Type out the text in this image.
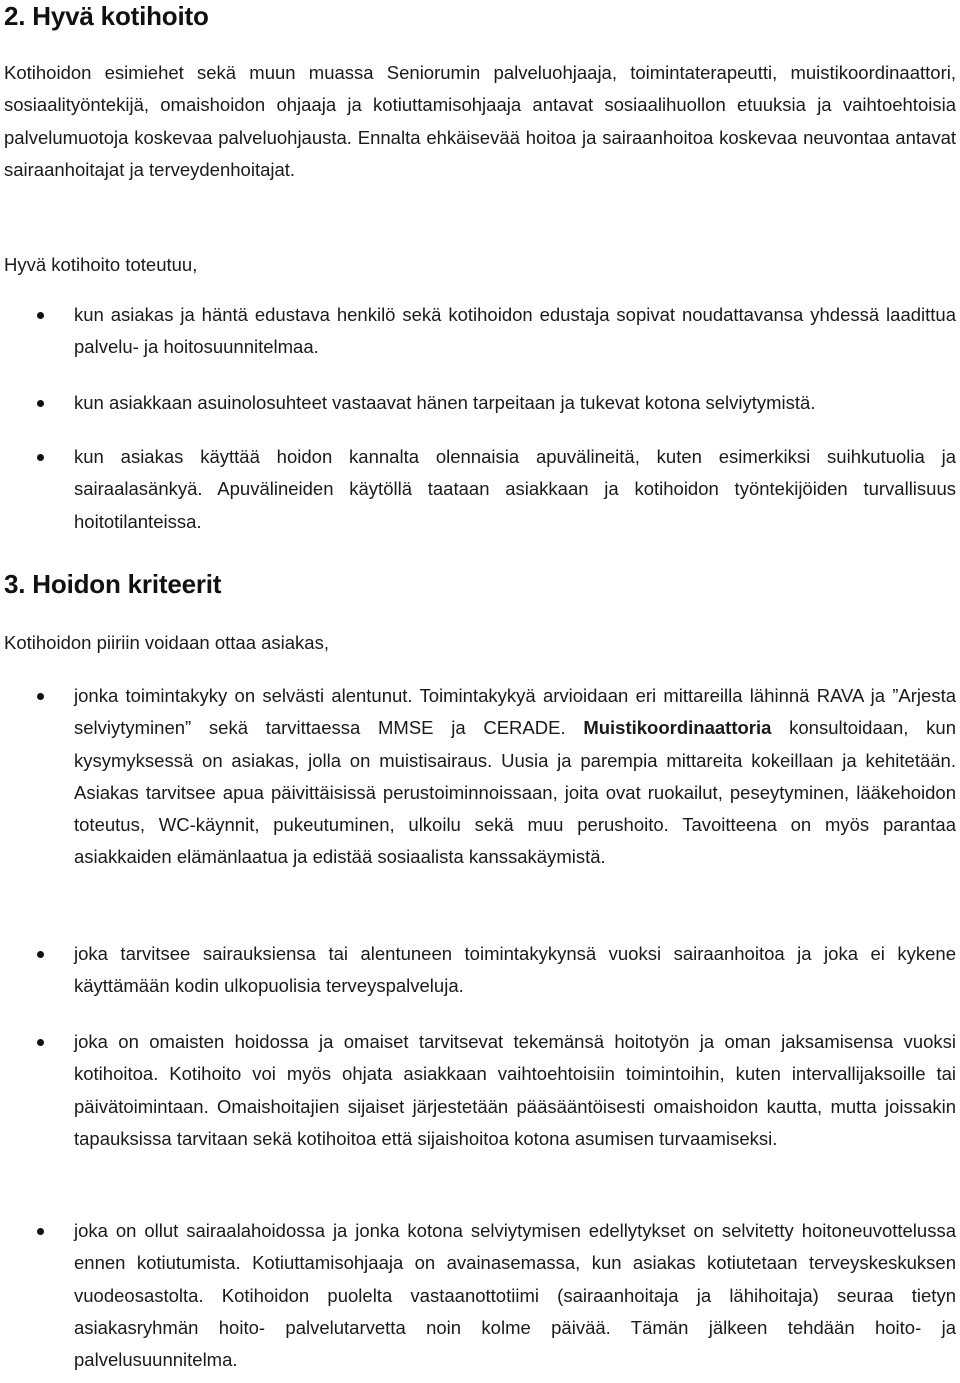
2. Hyvä kotihoito

Kotihoidon esimiehet sekä muun muassa Seniorumin palveluohjaaja, toimintaterapeutti, muistikoordinaattori, sosiaalityöntekijä, omaishoidon ohjaaja ja kotiuttamisohjaaja antavat sosiaalihuollon etuuksia ja vaihtoehtoisia palvelumuotoja koskevaa palveluohjausta. Ennalta ehkäisevää hoitoa ja sairaanhoitoa koskevaa neuvontaa antavat sairaanhoitajat ja terveydenhoitajat.

Hyvä kotihoito toteutuu,

kun asiakas ja häntä edustava henkilö sekä kotihoidon edustaja sopivat noudattavansa yhdessä laadittua palvelu- ja hoitosuunnitelmaa.
kun asiakkaan asuinolosuhteet vastaavat hänen tarpeitaan ja tukevat kotona selviytymistä.
kun asiakas käyttää hoidon kannalta olennaisia apuvälineitä, kuten esimerkiksi suihkutuolia ja sairaalasänkyä. Apuvälineiden käytöllä taataan asiakkaan ja kotihoidon työntekijöiden turvallisuus hoitotilanteissa.
3. Hoidon kriteerit

Kotihoidon piiriin voidaan ottaa asiakas,

jonka toimintakyky on selvästi alentunut. Toimintakykyä arvioidaan eri mittareilla lähinnä RAVA ja ”Arjesta selviytyminen” sekä tarvittaessa MMSE ja CERADE. Muistikoordinaattoria konsultoidaan, kun kysymyksessä on asiakas, jolla on muistisairaus. Uusia ja parempia mittareita kokeillaan ja kehitetään. Asiakas tarvitsee apua päivittäisissä perustoiminnoissaan, joita ovat ruokailut, peseytyminen, lääkehoidon toteutus, WC-käynnit, pukeutuminen, ulkoilu sekä muu perushoito. Tavoitteena on myös parantaa asiakkaiden elämänlaatua ja edistää sosiaalista kanssakäymistä.
joka tarvitsee sairauksiensa tai alentuneen toimintakykynsä vuoksi sairaanhoitoa ja joka ei kykene käyttämään kodin ulkopuolisia terveyspalveluja.
joka on omaisten hoidossa ja omaiset tarvitsevat tekemänsä hoitotyön ja oman jaksamisensa vuoksi kotihoitoa. Kotihoito voi myös ohjata asiakkaan vaihtoehtoisiin toimintoihin, kuten intervallijaksoille tai päivätoimintaan. Omaishoitajien sijaiset järjestetään pääsääntöisesti omaishoidon kautta, mutta joissakin tapauksissa tarvitaan sekä kotihoitoa että sijaishoitoa kotona asumisen turvaamiseksi.
joka on ollut sairaalahoidossa ja jonka kotona selviytymisen edellytykset on selvitetty hoitoneuvottelussa ennen kotiutumista. Kotiuttamisohjaaja on avainasemassa, kun asiakas kotiutetaan terveyskeskuksen vuodeosastolta. Kotihoidon puolelta vastaanottotiimi (sairaanhoitaja ja lähihoitaja) seuraa tietyn asiakasryhmän hoito- palvelutarvetta noin kolme päivää. Tämän jälkeen tehdään hoito- ja palvelusuunnitelma.
